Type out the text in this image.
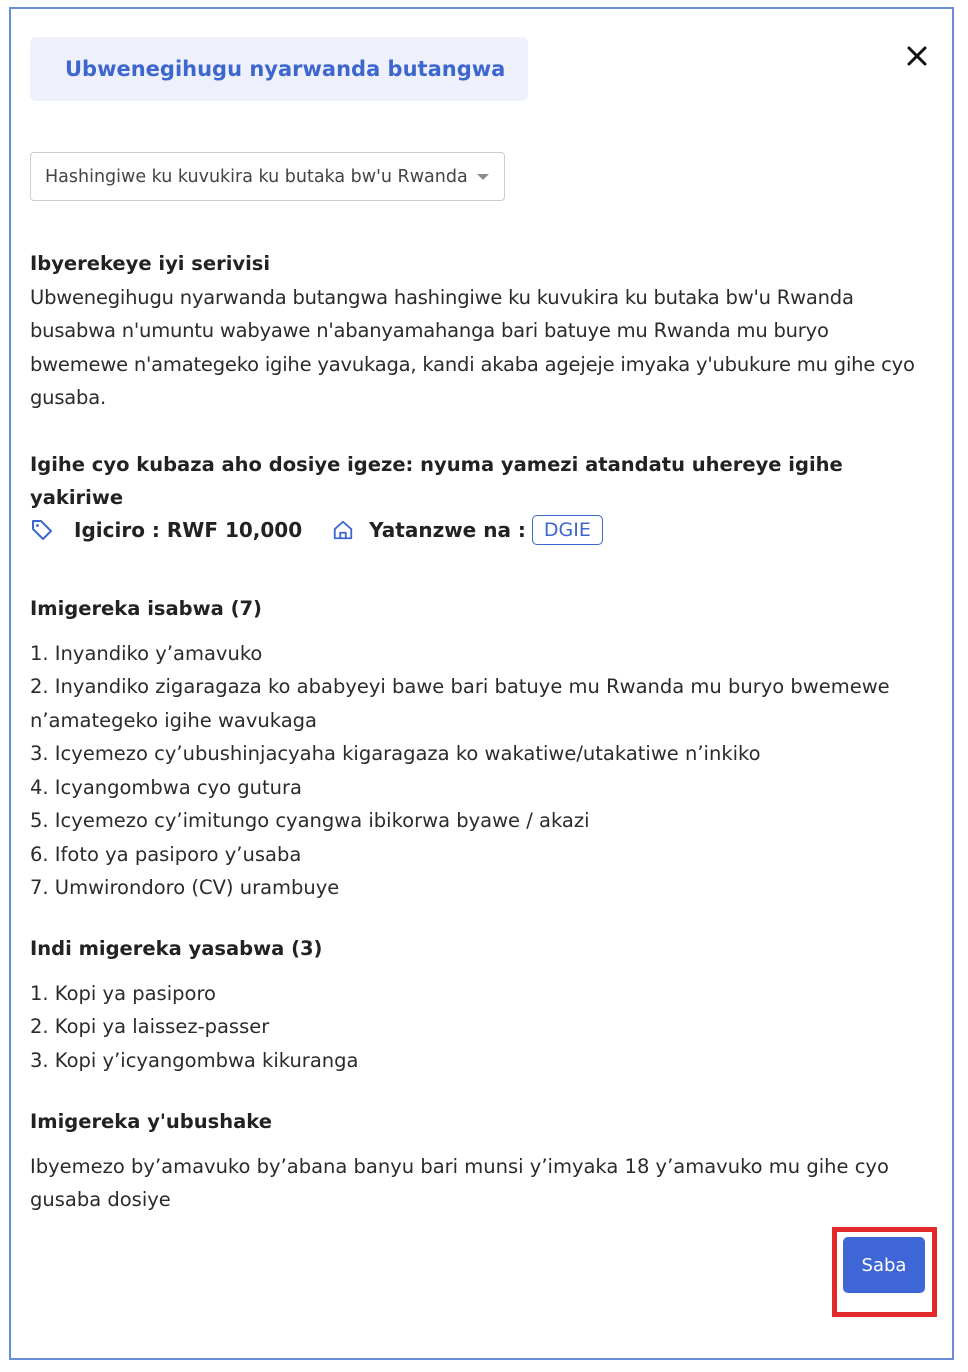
Ubwenegihugu nyarwanda butangwa
Hashingiwe ku kuvukira ku butaka bw'u Rwanda

Ibyerekeye iyi serivisi

Ubwenegihugu nyarwanda butangwa hashingiwe ku kuvukira ku butaka bw'u Rwanda busabwa n'umuntu wabyawe n'abanyamahanga bari batuye mu Rwanda mu buryo bwemewe n'amategeko igihe yavukaga, kandi akaba agejeje imyaka y'ubukure mu gihe cyo gusaba.

Igihe cyo kubaza aho dosiye igeze: nyuma yamezi atandatu uhereye igihe yakiriwe

Igiciro : RWF 10,000	Yatanzwe na : DGIE

Imigereka isabwa (7)

1. Inyandiko y’amavuko
2. Inyandiko zigaragaza ko ababyeyi bawe bari batuye mu Rwanda mu buryo bwemewe n’amategeko igihe wavukaga
3. Icyemezo cy’ubushinjacyaha kigaragaza ko wakatiwe/utakatiwe n’inkiko
4. Icyangombwa cyo gutura
5. Icyemezo cy’imitungo cyangwa ibikorwa byawe / akazi
6. Ifoto ya pasiporo y’usaba
7. Umwirondoro (CV) urambuye

Indi migereka yasabwa (3)

1. Kopi ya pasiporo
2. Kopi ya laissez-passer
3. Kopi y’icyangombwa kikuranga

Imigereka y'ubushake

Ibyemezo by’amavuko by’abana banyu bari munsi y’imyaka 18 y’amavuko mu gihe cyo gusaba dosiye

Saba
